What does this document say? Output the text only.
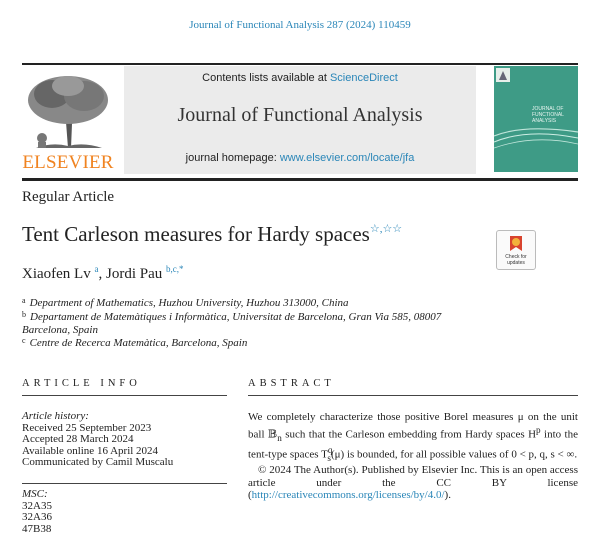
Journal of Functional Analysis 287 (2024) 110459
ELSEVIER
Contents lists available at ScienceDirect
Journal of Functional Analysis
journal homepage: www.elsevier.com/locate/jfa
JOURNAL OF FUNCTIONAL ANALYSIS
Regular Article
Tent Carleson measures for Hardy spaces☆,☆☆
Check for updates
Xiaofen Lv $^a$, Jordi Pau $^{b,c,*}$
$^a$ Department of Mathematics, Huzhou University, Huzhou 313000, China
$^b$ Departament de Matemàtiques i Informàtica, Universitat de Barcelona, Gran Via 585, 08007 Barcelona, Spain
$^c$ Centre de Recerca Matemàtica, Barcelona, Spain
ARTICLE INFO	ABSTRACT
Article history:
Received 25 September 2023
Accepted 28 March 2024
Available online 16 April 2024
Communicated by Camil Muscalu
MSC:
32A35
32A36
47B38

We completely characterize those positive Borel measures μ on the unit ball 𝔹$_n$ such that the Carleson embedding from Hardy spaces $H^p$ into the tent-type spaces $T^q_s(\mu)$ is bounded, for all possible values of 0 < p, q, s < ∞.

© 2024 The Author(s). Published by Elsevier Inc. This is an open access article under the CC BY license (http://creativecommons.org/licenses/by/4.0/).
